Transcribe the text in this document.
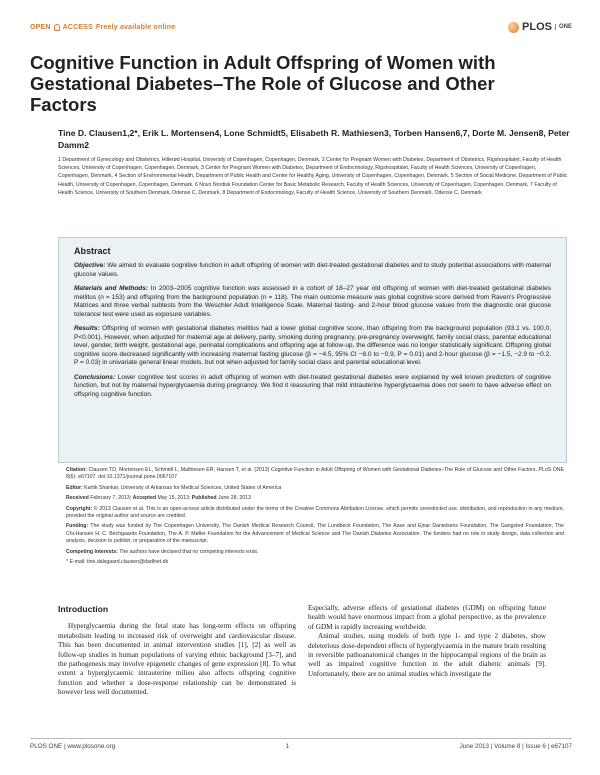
OPEN ACCESS Freely available online	PLOS	ONE
Cognitive Function in Adult Offspring of Women with Gestational Diabetes–The Role of Glucose and Other Factors
Tine D. Clausen1,2*, Erik L. Mortensen4, Lone Schmidt5, Elisabeth R. Mathiesen3, Torben Hansen6,7, Dorte M. Jensen8, Peter Damm2
1 Department of Gynecology and Obstetrics, Hillerød Hospital, University of Copenhagen, Copenhagen, Denmark, 2 Center for Pregnant Women with Diabetes, Department of Obstetrics, Rigshospitalet, Faculty of Health Sciences, University of Copenhagen, Copenhagen, Denmark, 3 Center for Pregnant Women with Diabetes, Department of Endocrinology, Rigshospitalet, Faculty of Health Sciences, University of Copenhagen, Copenhagen, Denmark, 4 Section of Environmental Health, Department of Public Health and Center for Healthy Aging, University of Copenhagen, Copenhagen, Denmark, 5 Section of Social Medicine, Department of Public Health, University of Copenhagen, Copenhagen, Denmark, 6 Novo Nordisk Foundation Center for Basic Metabolic Research, Faculty of Health Sciences, University of Copenhagen, Copenhagen, Denmark, 7 Faculty of Health Science, University of Southern Denmark, Odense C, Denmark, 8 Department of Endocrinology, Faculty of Health Science, University of Southern Denmark, Odense C, Denmark
Abstract

Objective: We aimed to evaluate cognitive function in adult offspring of women with diet-treated gestational diabetes and to study potential associations with maternal glucose values.

Materials and Methods: In 2003–2005 cognitive function was assessed in a cohort of 18–27 year old offspring of women with diet-treated gestational diabetes mellitus (n = 153) and offspring from the background population (n = 118). The main outcome measure was global cognitive score derived from Raven's Progressive Matrices and three verbal subtests from the Weschler Adult Intelligence Scale. Maternal fasting- and 2-hour blood glucose values from the diagnostic oral glucose tolerance test were used as exposure variables.

Results: Offspring of women with gestational diabetes mellitus had a lower global cognitive score, than offspring from the background population (93.1 vs. 100.0, P<0.001). However, when adjusted for maternal age at delivery, parity, smoking during pregnancy, pre-pregnancy overweight, family social class, parental educational level, gender, birth weight, gestational age, perinatal complications and offspring age at follow-up, the difference was no longer statistically significant. Offspring global cognitive score decreased significantly with increasing maternal fasting glucose (β = −4.5, 95% CI −8.0 to −0.9, P = 0.01) and 2-hour glucose (β = −1.5, −2.9 to −0.2, P = 0.03) in univariate general linear models, but not when adjusted for family social class and parental educational level.

Conclusions: Lower cognitive test scores in adult offspring of women with diet-treated gestational diabetes were explained by well known predictors of cognitive function, but not by maternal hyperglycaemia during pregnancy. We find it reassuring that mild intrauterine hyperglycaemia does not seem to have adverse effect on offspring cognitive function.

Citation: Clausen TD, Mortensen EL, Schmidt L, Mathiesen ER, Hansen T, et al. (2013) Cognitive Function in Adult Offspring of Women with Gestational Diabetes–The Role of Glucose and Other Factors. PLoS ONE 8(6): e67107. doi:10.1371/journal.pone.0067107

Editor: Kartik Shankar, University of Arkansas for Medical Sciences, United States of America

Received February 7, 2013; Accepted May 15, 2013; Published June 28, 2013

Copyright: © 2013 Clausen et al. This is an open-access article distributed under the terms of the Creative Commons Attribution License, which permits unrestricted use, distribution, and reproduction in any medium, provided the original author and source are credited.

Funding: The study was funded by The Copenhagen University, The Danish Medical Research Council, The Lundbeck Foundation, The Aase and Ejnar Danielsens Foundation, The Gangsted Foundation, The Chr.Hansen H. C. Bechgaards Foundation, The A. P. Møller Foundation for the Advancement of Medical Science and The Danish Diabetes Association. The funders had no role in study design, data collection and analysis, decision to publish, or preparation of the manuscript.

Competing Interests: The authors have declared that no competing interests exist.

* E-mail: tine.dalsgaard.clausen@dadlnet.dk

Introduction

Hyperglycaemia during the fetal state has long-term effects on offspring metabolism leading to increased risk of overweight and cardiovascular disease. This has been documented in animal intervention studies [1], [2] as well as follow-up studies in human populations of varying ethnic background [3–7], and the pathogenesis may involve epigenetic changes of gene expression [8]. To what extent a hyperglycaemic intrauterine milieu also affects offspring cognitive function and whether a dose-response relationship can be demonstrated is however less well documented.

Especially, adverse effects of gestational diabetes (GDM) on offspring future health would have enormous impact from a global perspective, as the prevalence of GDM is rapidly increasing worldwide.

Animal studies, using models of both type 1- and type 2 diabetes, show deleterious dose-dependent effects of hyperglycaemia in the mature brain resulting in reversible pathoanatomical changes in the hippocampal regions of the brain as well as impaired cognitive function in the adult diabetic animals [9]. Unfortunately, there are no animal studies which investigate the

PLOS ONE | www.plosone.org	1	June 2013 | Volume 8 | Issue 6 | e67107
